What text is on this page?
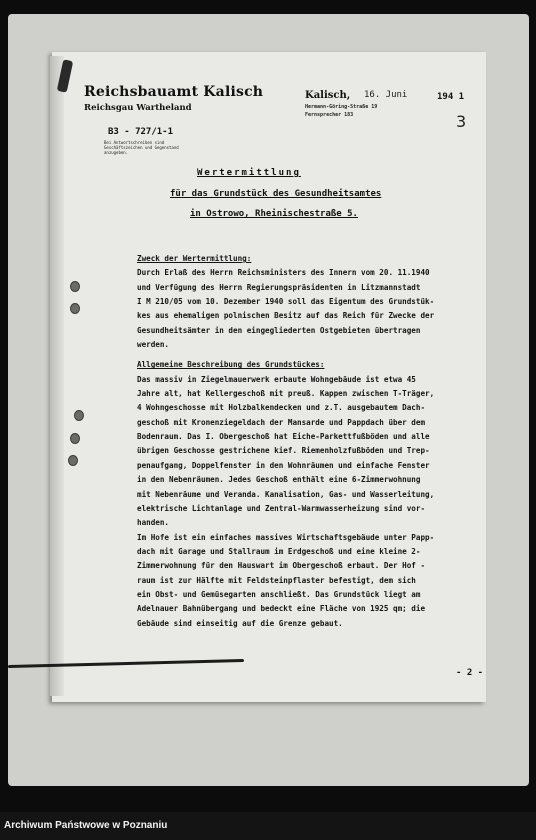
Reichsbauamt Kalisch
Reichsgau Wartheland
B3 - 727/1-1
Bei Antwortschreiben sind Geschäftszeichen und Gegenstand anzugeben.
Kalisch, 16. Juni	194 1
Hermann-Göring-Straße 19
Fernsprecher 183	3
Wertermittlung
für das Grundstück des Gesundheitsamtes
in Ostrowo, Rheinischestraße 5.
Zweck der Wertermittlung:
Durch Erlaß des Herrn Reichsministers des Innern vom 20. 11.1940
und Verfügung des Herrn Regierungspräsidenten in Litzmannstadt
I M 210/05 vom 10. Dezember 1940 soll das Eigentum des Grundstük-
kes aus ehemaligen polnischen Besitz auf das Reich für Zwecke der
Gesundheitsämter in den eingegliederten Ostgebieten übertragen
werden.
Allgemeine Beschreibung des Grundstückes:
Das massiv in Ziegelmauerwerk erbaute Wohngebäude ist etwa 45
Jahre alt, hat Kellergeschoß mit preuß. Kappen zwischen T-Träger,
4 Wohngeschosse mit Holzbalkendecken und z.T. ausgebautem Dach-
geschoß mit Kronenziegeldach der Mansarde und Pappdach über dem
Bodenraum. Das I. Obergeschoß hat Eiche-Parkettfußböden und alle
übrigen Geschosse gestrichene kief. Riemenholzfußböden und Trep-
penaufgang, Doppelfenster in den Wohnräumen und einfache Fenster
in den Nebenräumen. Jedes Geschoß enthält eine 6-Zimmerwohnung
mit Nebenräume und Veranda. Kanalisation, Gas- und Wasserleitung,
elektrische Lichtanlage und Zentral-Warmwasserheizung sind vor-
handen.
Im Hofe ist ein einfaches massives Wirtschaftsgebäude unter Papp-
dach mit Garage und Stallraum im Erdgeschoß und eine kleine 2-
Zimmerwohnung für den Hauswart im Obergeschoß erbaut. Der Hof -
raum ist zur Hälfte mit Feldsteinpflaster befestigt, dem sich
ein Obst- und Gemüsegarten anschließt. Das Grundstück liegt am
Adelnauer Bahnübergang und bedeckt eine Fläche von 1925 qm; die
Gebäude sind einseitig auf die Grenze gebaut.
- 2 -
Archiwum Państwowe w Poznaniu
